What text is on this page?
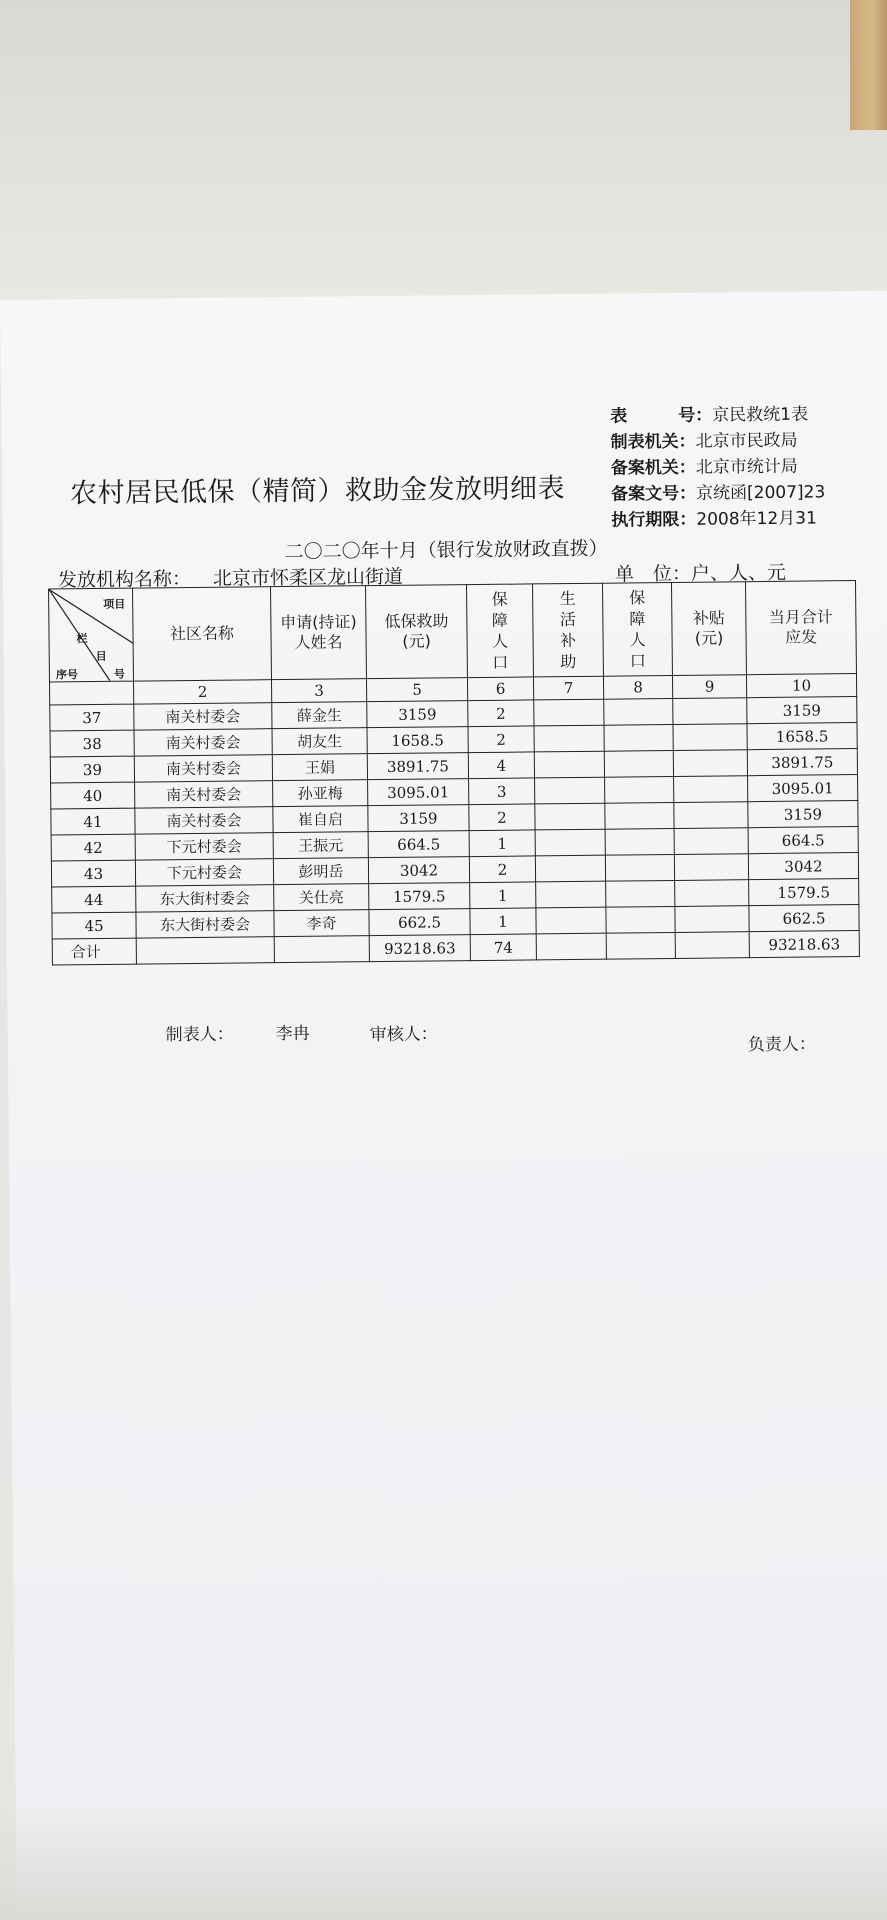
农村居民低保（精简）救助金发放明细表
表　　　号：京民救统1表
制表机关：北京市民政局
备案机关：北京市统计局
备案文号：京统函[2007]23
执行期限：2008年12月31
二〇二〇年十月（银行发放财政直拨）
发放机构名称： 北京市怀柔区龙山街道	单　位：户、人、元
项目
栏
目
序号 号	社区名称	申请(持证)人姓名	低保救助(元)	保障人口	生活补助	保障人口	补贴(元)	当月合计应发
	2	3	5	6	7	8	9	10
37	南关村委会	薛金生	3159	2				3159
38	南关村委会	胡友生	1658.5	2				1658.5
39	南关村委会	王娟	3891.75	4				3891.75
40	南关村委会	孙亚梅	3095.01	3				3095.01
41	南关村委会	崔自启	3159	2				3159
42	下元村委会	王振元	664.5	1				664.5
43	下元村委会	彭明岳	3042	2				3042
44	东大街村委会	关仕亮	1579.5	1				1579.5
45	东大街村委会	李奇	662.5	1				662.5
合计			93218.63	74				93218.63
制表人： 李冉	审核人：	负责人：
